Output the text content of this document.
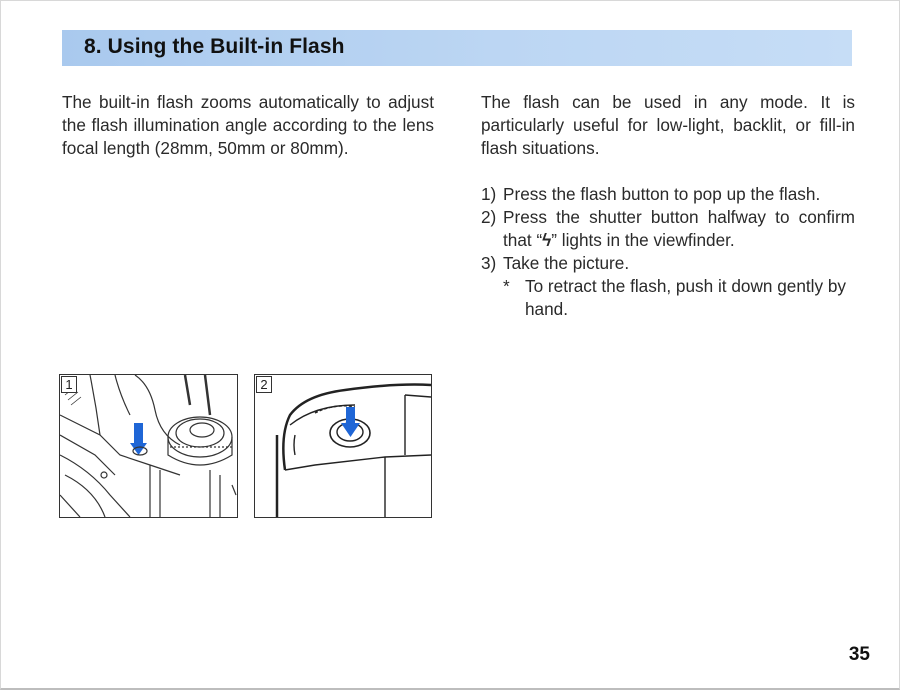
8. Using the Built-in Flash

The built-in flash zooms automatically to adjust the flash illumination angle according to the lens focal length (28mm, 50mm or 80mm).

The flash can be used in any mode. It is particularly useful for low-light, backlit, or fill-in flash situations.

1) Press the flash button to pop up the flash.
2) Press the shutter button halfway to confirm that “ϟ” lights in the viewfinder.
3) Take the picture.
* To retract the flash, push it down gently by hand.
1	2
35
